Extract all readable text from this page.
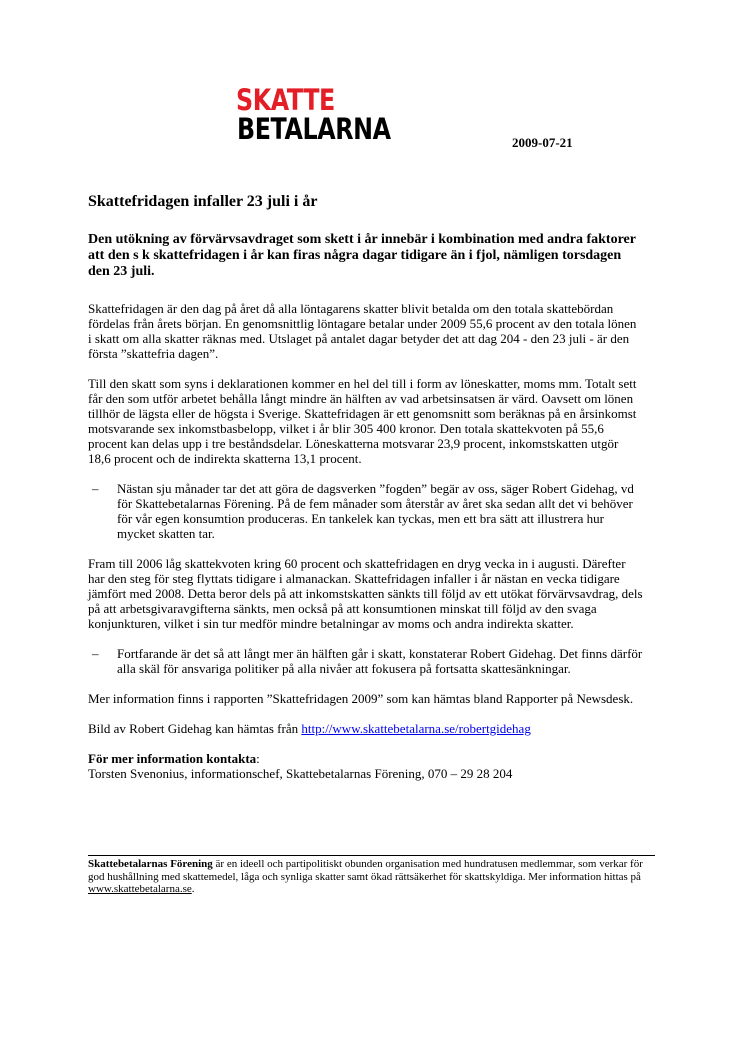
SKATTE
BETALARNA	2009-07-21
Skattefridagen infaller 23 juli i år

Den utökning av förvärvsavdraget som skett i år innebär i kombination med andra faktorer att den s k skattefridagen i år kan firas några dagar tidigare än i fjol, nämligen torsdagen den 23 juli.

Skattefridagen är den dag på året då alla löntagarens skatter blivit betalda om den totala skattebördan fördelas från årets början. En genomsnittlig löntagare betalar under 2009 55,6 procent av den totala lönen i skatt om alla skatter räknas med. Utslaget på antalet dagar betyder det att dag 204 - den 23 juli - är den första ”skattefria dagen”.

Till den skatt som syns i deklarationen kommer en hel del till i form av löneskatter, moms mm. Totalt sett får den som utför arbetet behålla långt mindre än hälften av vad arbetsinsatsen är värd. Oavsett om lönen tillhör de lägsta eller de högsta i Sverige. Skattefridagen är ett genomsnitt som beräknas på en årsinkomst motsvarande sex inkomstbasbelopp, vilket i år blir 305 400 kronor. Den totala skattekvoten på 55,6 procent kan delas upp i tre beståndsdelar. Löneskatterna motsvarar 23,9 procent, inkomstskatten utgör 18,6 procent och de indirekta skatterna 13,1 procent.

–	Nästan sju månader tar det att göra de dagsverken ”fogden” begär av oss, säger Robert Gidehag, vd för Skattebetalarnas Förening. På de fem månader som återstår av året ska sedan allt det vi behöver för vår egen konsumtion produceras. En tankelek kan tyckas, men ett bra sätt att illustrera hur mycket skatten tar.

Fram till 2006 låg skattekvoten kring 60 procent och skattefridagen en dryg vecka in i augusti. Därefter har den steg för steg flyttats tidigare i almanackan. Skattefridagen infaller i år nästan en vecka tidigare jämfört med 2008. Detta beror dels på att inkomstskatten sänkts till följd av ett utökat förvärvsavdrag, dels på att arbetsgivaravgifterna sänkts, men också på att konsumtionen minskat till följd av den svaga konjunkturen, vilket i sin tur medför mindre betalningar av moms och andra indirekta skatter.

–	Fortfarande är det så att långt mer än hälften går i skatt, konstaterar Robert Gidehag. Det finns därför alla skäl för ansvariga politiker på alla nivåer att fokusera på fortsatta skattesänkningar.

Mer information finns i rapporten ”Skattefridagen 2009” som kan hämtas bland Rapporter på Newsdesk.

Bild av Robert Gidehag kan hämtas från http://www.skattebetalarna.se/robertgidehag

För mer information kontakta:

Torsten Svenonius, informationschef, Skattebetalarnas Förening, 070 – 29 28 204

Skattebetalarnas Förening är en ideell och partipolitiskt obunden organisation med hundratusen medlemmar, som verkar för god hushållning med skattemedel, låga och synliga skatter samt ökad rättsäkerhet för skattskyldiga. Mer information hittas på www.skattebetalarna.se.
